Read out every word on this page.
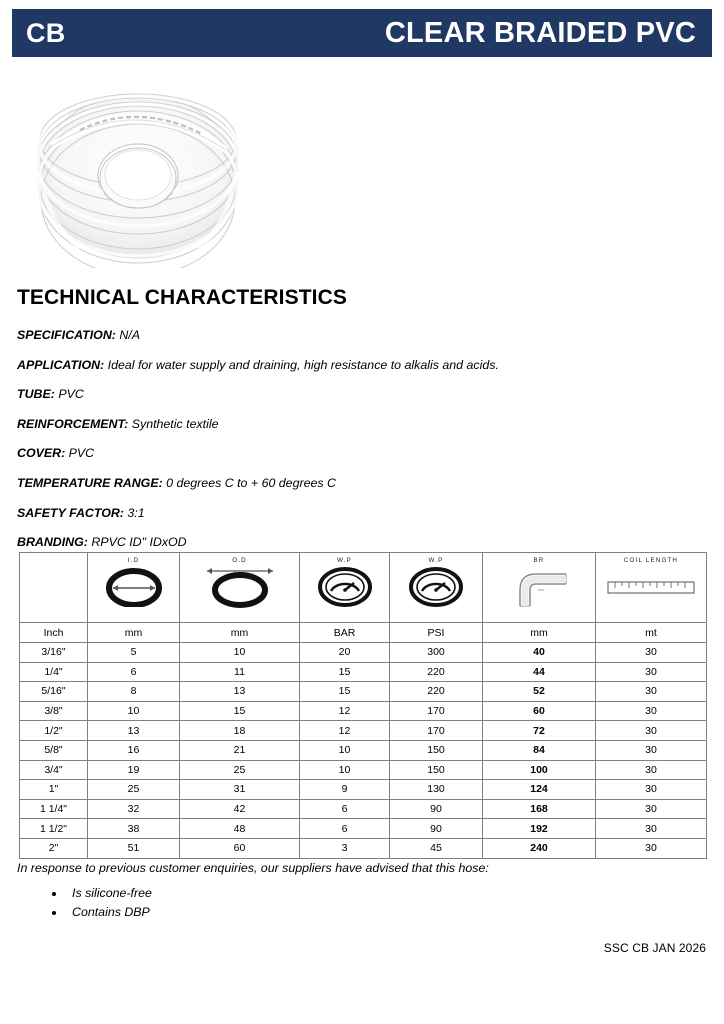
CB	CLEAR BRAIDED PVC
TECHNICAL CHARACTERISTICS
SPECIFICATION: N/A
APPLICATION: Ideal for water supply and draining, high resistance to alkalis and acids.
TUBE: PVC
REINFORCEMENT: Synthetic textile
COVER: PVC
TEMPERATURE RANGE: 0 degrees C to + 60 degrees C
SAFETY FACTOR: 3:1
BRANDING: RPVC ID" IDxOD

	I.D	O.D	W.P	W.P	BR	COIL LENGTH

Inch	mm	mm	BAR	PSI	mm	mt
3/16"	5	10	20	300	40	30
1/4"	6	11	15	220	44	30
5/16"	8	13	15	220	52	30
3/8"	10	15	12	170	60	30
1/2"	13	18	12	170	72	30
5/8"	16	21	10	150	84	30
3/4"	19	25	10	150	100	30
1"	25	31	9	130	124	30
1 1/4"	32	42	6	90	168	30
1 1/2"	38	48	6	90	192	30
2"	51	60	3	45	240	30
In response to previous customer enquiries, our suppliers have advised that this hose:
• Is silicone-free
• Contains DBP
SSC CB JAN 2026
